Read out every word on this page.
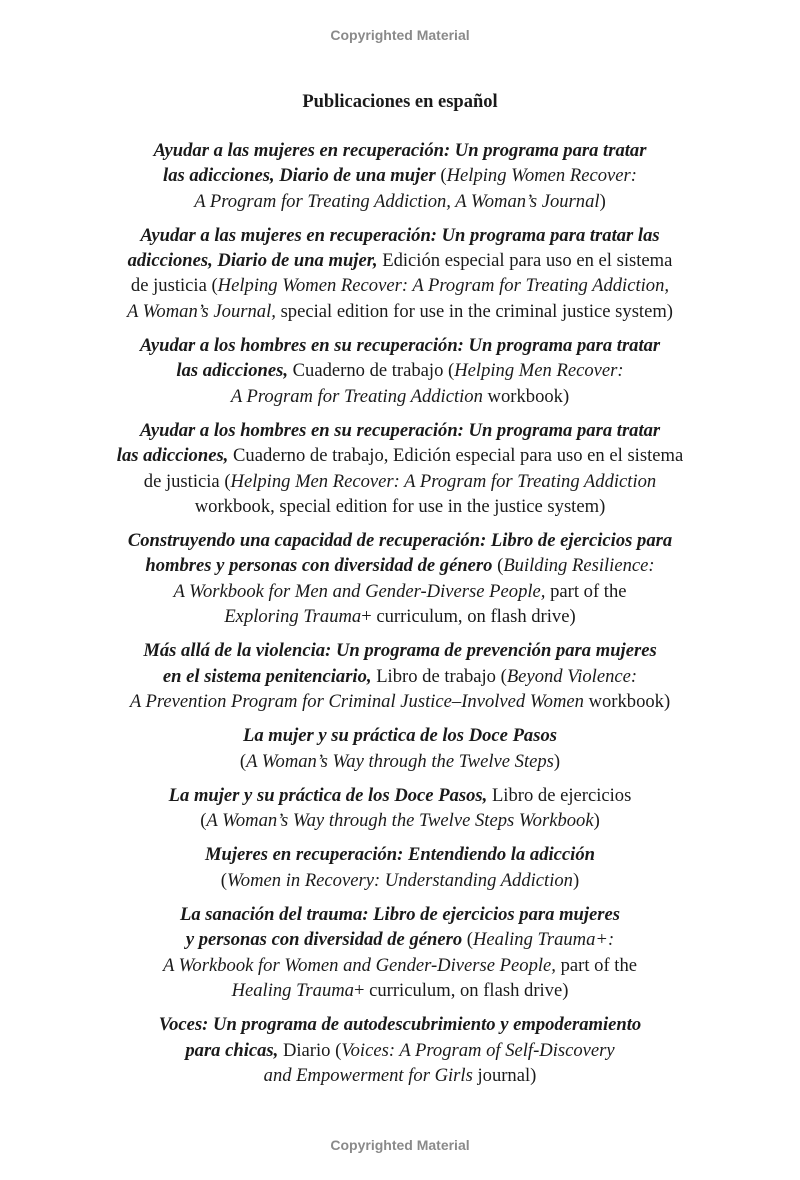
Copyrighted Material
Publicaciones en español
Ayudar a las mujeres en recuperación: Un programa para tratar
las adicciones, Diario de una mujer (Helping Women Recover:
A Program for Treating Addiction, A Woman’s Journal)
Ayudar a las mujeres en recuperación: Un programa para tratar las
adicciones, Diario de una mujer, Edición especial para uso en el sistema
de justicia (Helping Women Recover: A Program for Treating Addiction,
A Woman’s Journal, special edition for use in the criminal justice system)
Ayudar a los hombres en su recuperación: Un programa para tratar
las adicciones, Cuaderno de trabajo (Helping Men Recover:
A Program for Treating Addiction workbook)
Ayudar a los hombres en su recuperación: Un programa para tratar
las adicciones, Cuaderno de trabajo, Edición especial para uso en el sistema
de justicia (Helping Men Recover: A Program for Treating Addiction
workbook, special edition for use in the justice system)
Construyendo una capacidad de recuperación: Libro de ejercicios para
hombres y personas con diversidad de género (Building Resilience:
A Workbook for Men and Gender-Diverse People, part of the
Exploring Trauma+ curriculum, on flash drive)
Más allá de la violencia: Un programa de prevención para mujeres
en el sistema penitenciario, Libro de trabajo (Beyond Violence:
A Prevention Program for Criminal Justice–Involved Women workbook)
La mujer y su práctica de los Doce Pasos
(A Woman’s Way through the Twelve Steps)
La mujer y su práctica de los Doce Pasos, Libro de ejercicios
(A Woman’s Way through the Twelve Steps Workbook)
Mujeres en recuperación: Entendiendo la adicción
(Women in Recovery: Understanding Addiction)
La sanación del trauma: Libro de ejercicios para mujeres
y personas con diversidad de género (Healing Trauma+:
A Workbook for Women and Gender-Diverse People, part of the
Healing Trauma+ curriculum, on flash drive)
Voces: Un programa de autodescubrimiento y empoderamiento
para chicas, Diario (Voices: A Program of Self-Discovery
and Empowerment for Girls journal)
Copyrighted Material
